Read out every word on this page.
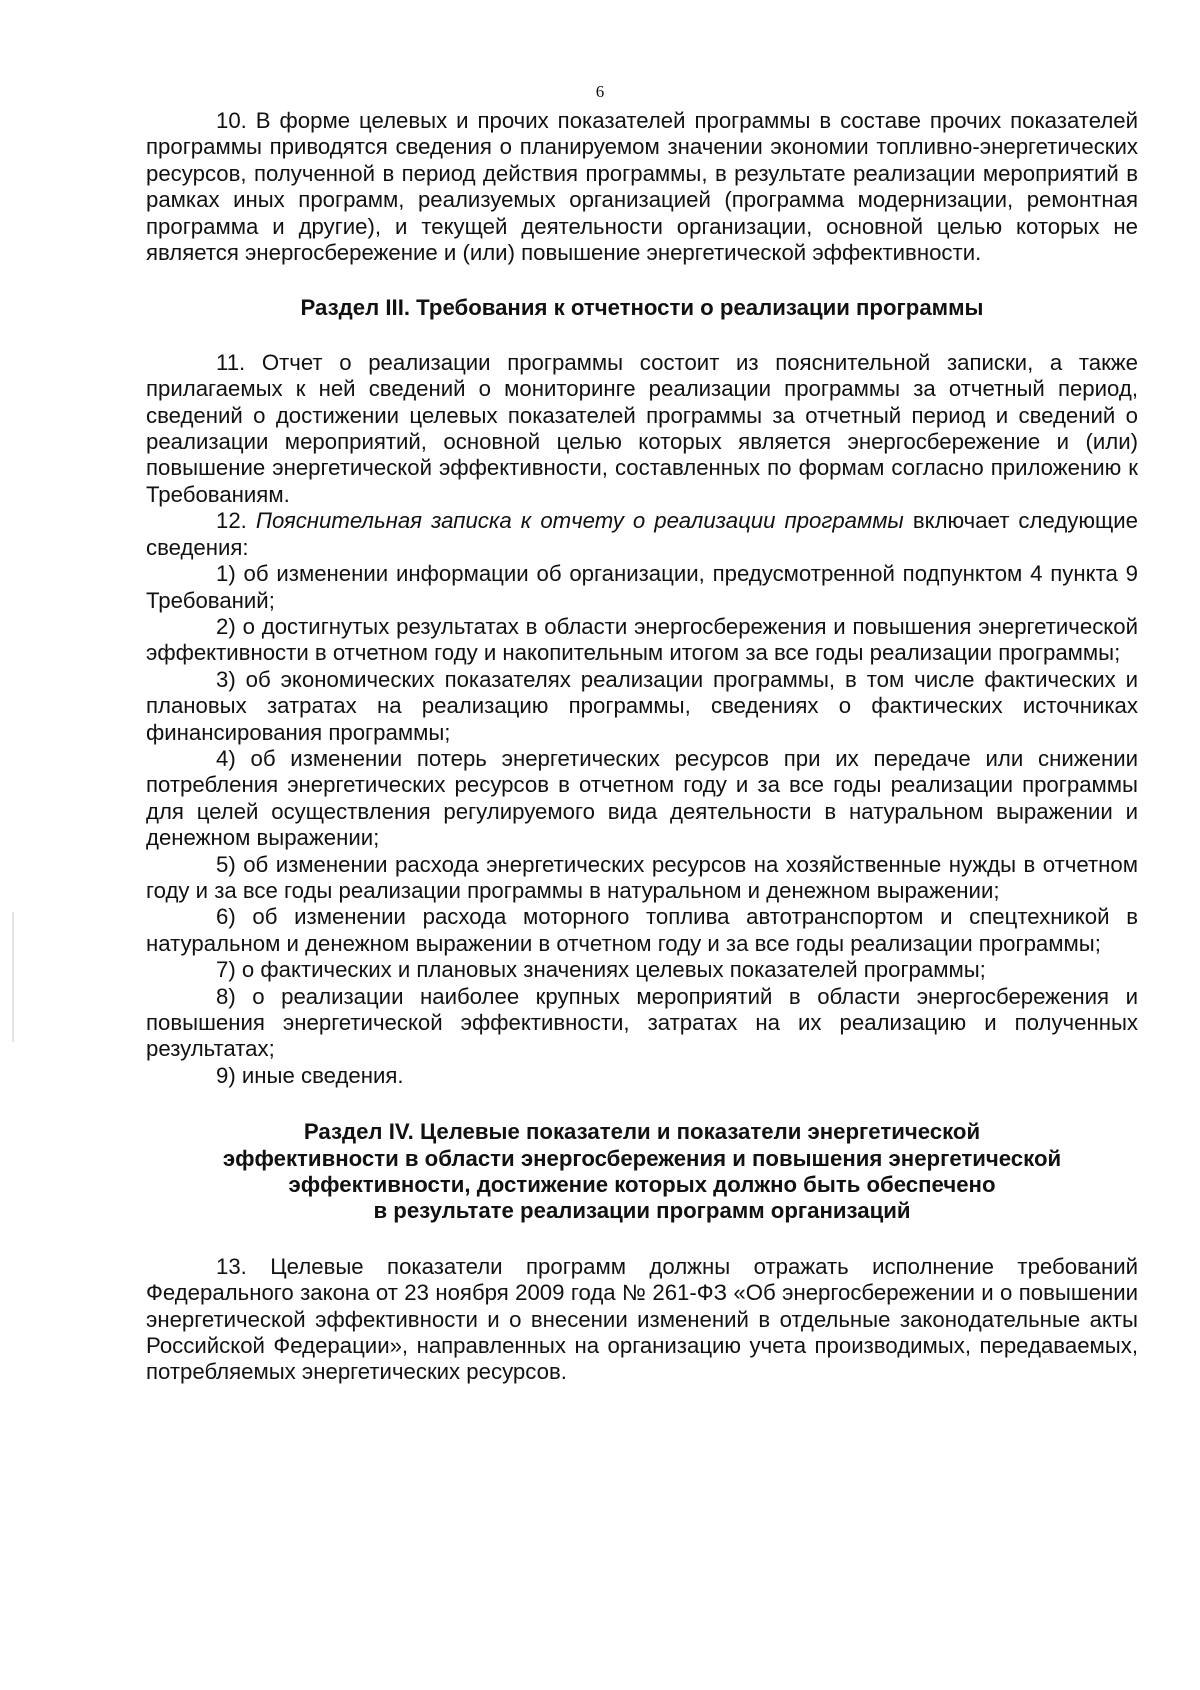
6

10. В форме целевых и прочих показателей программы в составе прочих показателей программы приводятся сведения о планируемом значении экономии топливно-энергетических ресурсов, полученной в период действия программы, в результате реализации мероприятий в рамках иных программ, реализуемых организацией (программа модернизации, ремонтная программа и другие), и текущей деятельности организации, основной целью которых не является энергосбережение и (или) повышение энергетической эффективности.

Раздел III. Требования к отчетности о реализации программы

11. Отчет о реализации программы состоит из пояснительной записки, а также прилагаемых к ней сведений о мониторинге реализации программы за отчетный период, сведений о достижении целевых показателей программы за отчетный период и сведений о реализации мероприятий, основной целью которых является энергосбережение и (или) повышение энергетической эффективности, составленных по формам согласно приложению к Требованиям.

12. Пояснительная записка к отчету о реализации программы включает следующие сведения:

1) об изменении информации об организации, предусмотренной подпунктом 4 пункта 9 Требований;

2) о достигнутых результатах в области энергосбережения и повышения энергетической эффективности в отчетном году и накопительным итогом за все годы реализации программы;

3) об экономических показателях реализации программы, в том числе фактических и плановых затратах на реализацию программы, сведениях о фактических источниках финансирования программы;

4) об изменении потерь энергетических ресурсов при их передаче или снижении потребления энергетических ресурсов в отчетном году и за все годы реализации программы для целей осуществления регулируемого вида деятельности в натуральном выражении и денежном выражении;

5) об изменении расхода энергетических ресурсов на хозяйственные нужды в отчетном году и за все годы реализации программы в натуральном и денежном выражении;

6) об изменении расхода моторного топлива автотранспортом и спецтехникой в натуральном и денежном выражении в отчетном году и за все годы реализации программы;

7) о фактических и плановых значениях целевых показателей программы;

8) о реализации наиболее крупных мероприятий в области энергосбережения и повышения энергетической эффективности, затратах на их реализацию и полученных результатах;

9) иные сведения.

Раздел IV. Целевые показатели и показатели энергетической
эффективности в области энергосбережения и повышения энергетической
эффективности, достижение которых должно быть обеспечено
в результате реализации программ организаций

13. Целевые показатели программ должны отражать исполнение требований Федерального закона от 23 ноября 2009 года № 261-ФЗ «Об энергосбережении и о повышении энергетической эффективности и о внесении изменений в отдельные законодательные акты Российской Федерации», направленных на организацию учета производимых, передаваемых, потребляемых энергетических ресурсов.
